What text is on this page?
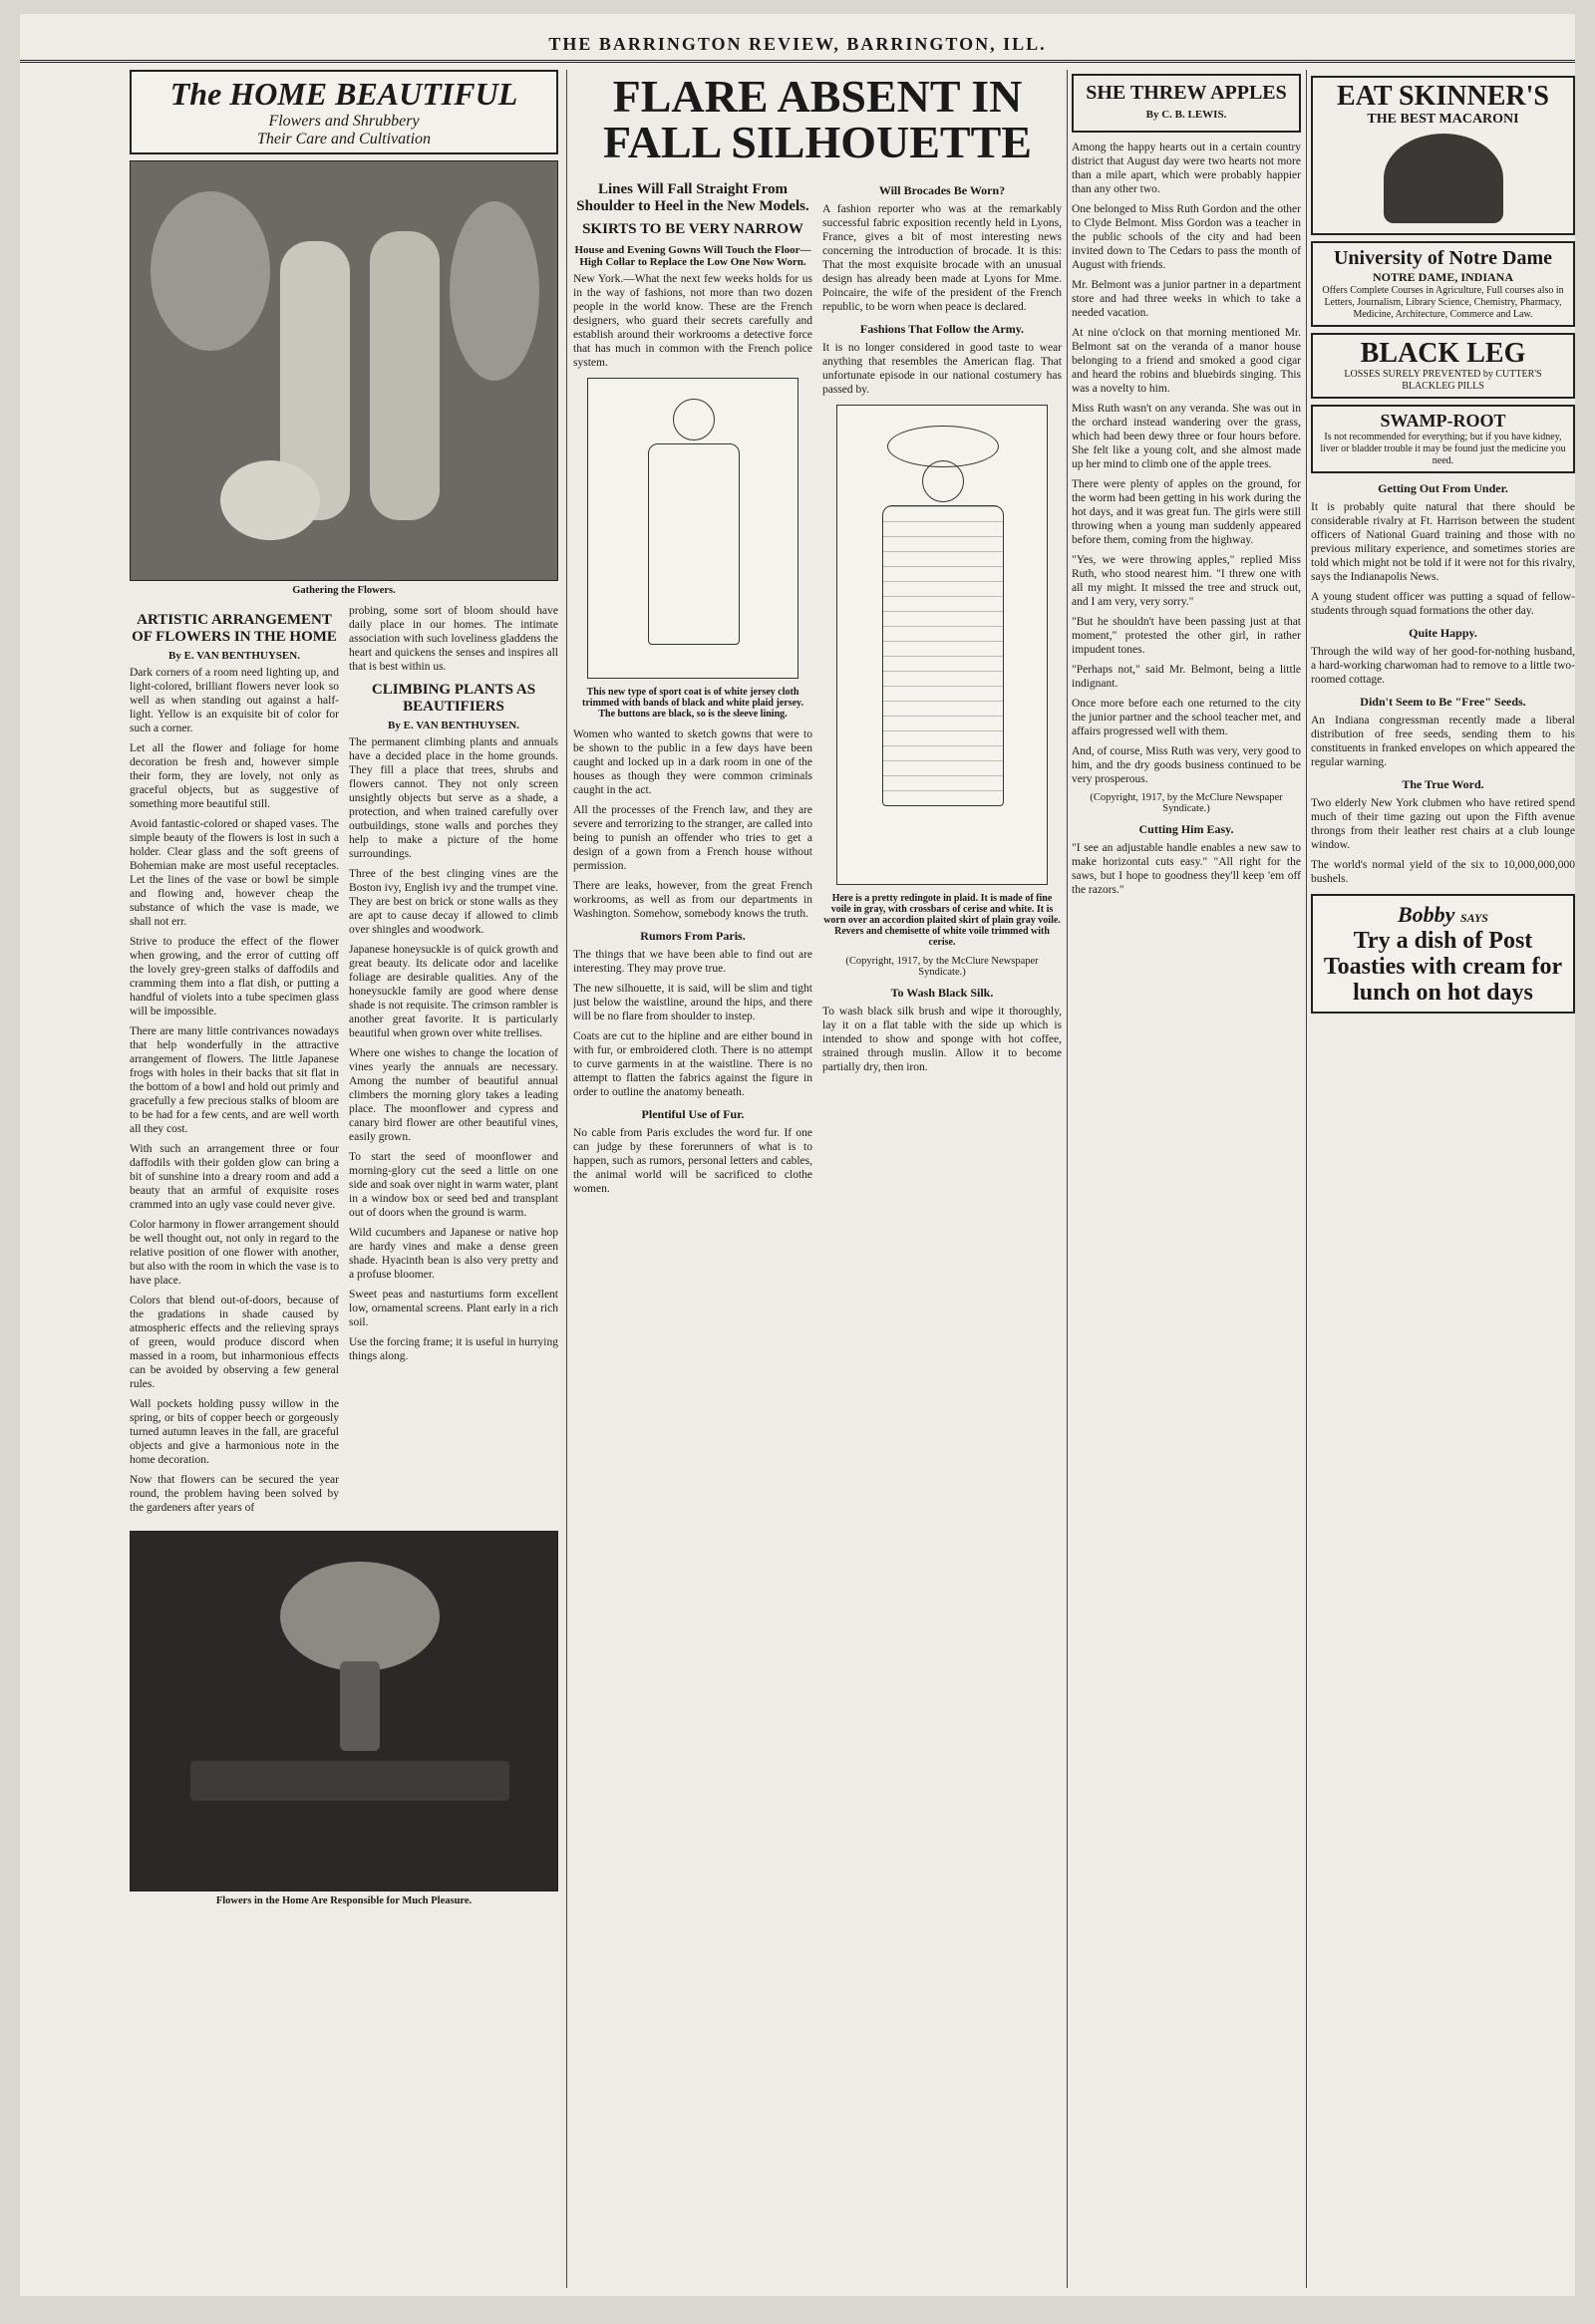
THE BARRINGTON REVIEW, BARRINGTON, ILL.
The HOME BEAUTIFUL
Flowers and Shrubbery
Their Care and Cultivation
Gathering the Flowers.
ARTISTIC ARRANGEMENT OF FLOWERS IN THE HOME
By E. VAN BENTHUYSEN.

Dark corners of a room need lighting up, and light-colored, brilliant flowers never look so well as when standing out against a half-light. Yellow is an exquisite bit of color for such a corner.

Let all the flower and foliage for home decoration be fresh and, however simple their form, they are lovely, not only as graceful objects, but as suggestive of something more beautiful still.

Avoid fantastic-colored or shaped vases. The simple beauty of the flowers is lost in such a holder. Clear glass and the soft greens of Bohemian make are most useful receptacles. Let the lines of the vase or bowl be simple and flowing and, however cheap the substance of which the vase is made, we shall not err.

Strive to produce the effect of the flower when growing, and the error of cutting off the lovely grey-green stalks of daffodils and cramming them into a flat dish, or putting a handful of violets into a tube specimen glass will be impossible.

There are many little contrivances nowadays that help wonderfully in the attractive arrangement of flowers. The little Japanese frogs with holes in their backs that sit flat in the bottom of a bowl and hold out primly and gracefully a few precious stalks of bloom are to be had for a few cents, and are well worth all they cost.

With such an arrangement three or four daffodils with their golden glow can bring a bit of sunshine into a dreary room and add a beauty that an armful of exquisite roses crammed into an ugly vase could never give.

Color harmony in flower arrangement should be well thought out, not only in regard to the relative position of one flower with another, but also with the room in which the vase is to have place.

Colors that blend out-of-doors, because of the gradations in shade caused by atmospheric effects and the relieving sprays of green, would produce discord when massed in a room, but inharmonious effects can be avoided by observing a few general rules.

Wall pockets holding pussy willow in the spring, or bits of copper beech or gorgeously turned autumn leaves in the fall, are graceful objects and give a harmonious note in the home decoration.

Now that flowers can be secured the year round, the problem having been solved by the gardeners after years of

probing, some sort of bloom should have daily place in our homes. The intimate association with such loveliness gladdens the heart and quickens the senses and inspires all that is best within us.

CLIMBING PLANTS AS BEAUTIFIERS
By E. VAN BENTHUYSEN.

The permanent climbing plants and annuals have a decided place in the home grounds. They fill a place that trees, shrubs and flowers cannot. They not only screen unsightly objects but serve as a shade, a protection, and when trained carefully over outbuildings, stone walls and porches they help to make a picture of the home surroundings.

Three of the best clinging vines are the Boston ivy, English ivy and the trumpet vine. They are best on brick or stone walls as they are apt to cause decay if allowed to climb over shingles and woodwork.

Japanese honeysuckle is of quick growth and great beauty. Its delicate odor and lacelike foliage are desirable qualities. Any of the honeysuckle family are good where dense shade is not requisite. The crimson rambler is another great favorite. It is particularly beautiful when grown over white trellises.

Where one wishes to change the location of vines yearly the annuals are necessary. Among the number of beautiful annual climbers the morning glory takes a leading place. The moonflower and cypress and canary bird flower are other beautiful vines, easily grown.

To start the seed of moonflower and morning-glory cut the seed a little on one side and soak over night in warm water, plant in a window box or seed bed and transplant out of doors when the ground is warm.

Wild cucumbers and Japanese or native hop are hardy vines and make a dense green shade. Hyacinth bean is also very pretty and a profuse bloomer.

Sweet peas and nasturtiums form excellent low, ornamental screens. Plant early in a rich soil.

Use the forcing frame; it is useful in hurrying things along.

Flowers in the Home Are Responsible for Much Pleasure.
FLARE ABSENT IN
FALL SILHOUETTE
Lines Will Fall Straight From Shoulder to Heel in the New Models.
SKIRTS TO BE VERY NARROW
House and Evening Gowns Will Touch the Floor—High Collar to Replace the Low One Now Worn.

New York.—What the next few weeks holds for us in the way of fashions, not more than two dozen people in the world know. These are the French designers, who guard their secrets carefully and establish around their workrooms a detective force that has much in common with the French police system.

This new type of sport coat is of white jersey cloth trimmed with bands of black and white plaid jersey. The buttons are black, so is the sleeve lining.

Women who wanted to sketch gowns that were to be shown to the public in a few days have been caught and locked up in a dark room in one of the houses as though they were common criminals caught in the act.

All the processes of the French law, and they are severe and terrorizing to the stranger, are called into being to punish an offender who tries to get a design of a gown from a French house without permission.

There are leaks, however, from the great French workrooms, as well as from our departments in Washington. Somehow, somebody knows the truth.

Rumors From Paris.

The things that we have been able to find out are interesting. They may prove true.

The new silhouette, it is said, will be slim and tight just below the waistline, around the hips, and there will be no flare from shoulder to instep.

Coats are cut to the hipline and are either bound in with fur, or embroidered cloth. There is no attempt to curve garments in at the waistline. There is no attempt to flatten the fabrics against the figure in order to outline the anatomy beneath.

Plentiful Use of Fur.

No cable from Paris excludes the word fur. If one can judge by these forerunners of what is to happen, such as rumors, personal letters and cables, the animal world will be sacrificed to clothe women.

Will Brocades Be Worn?

A fashion reporter who was at the remarkably successful fabric exposition recently held in Lyons, France, gives a bit of most interesting news concerning the introduction of brocade. It is this: That the most exquisite brocade with an unusual design has already been made at Lyons for Mme. Poincaire, the wife of the president of the French republic, to be worn when peace is declared.

Fashions That Follow the Army.

It is no longer considered in good taste to wear anything that resembles the American flag. That unfortunate episode in our national costumery has passed by.

Here is a pretty redingote in plaid. It is made of fine voile in gray, with crossbars of cerise and white. It is worn over an accordion plaited skirt of plain gray voile. Revers and chemisette of white voile trimmed with cerise.
(Copyright, 1917, by the McClure Newspaper Syndicate.)
To Wash Black Silk.

To wash black silk brush and wipe it thoroughly, lay it on a flat table with the side up which is intended to show and sponge with hot coffee, strained through muslin. Allow it to become partially dry, then iron.

SHE THREW APPLES
By C. B. LEWIS.

Among the happy hearts out in a certain country district that August day were two hearts not more than a mile apart, which were probably happier than any other two.

One belonged to Miss Ruth Gordon and the other to Clyde Belmont. Miss Gordon was a teacher in the public schools of the city and had been invited down to The Cedars to pass the month of August with friends.

Mr. Belmont was a junior partner in a department store and had three weeks in which to take a needed vacation.

At nine o'clock on that morning mentioned Mr. Belmont sat on the veranda of a manor house belonging to a friend and smoked a good cigar and heard the robins and bluebirds singing. This was a novelty to him.

Miss Ruth wasn't on any veranda. She was out in the orchard instead wandering over the grass, which had been dewy three or four hours before. She felt like a young colt, and she almost made up her mind to climb one of the apple trees.

There were plenty of apples on the ground, for the worm had been getting in his work during the hot days, and it was great fun. The girls were still throwing when a young man suddenly appeared before them, coming from the highway.

"Yes, we were throwing apples," replied Miss Ruth, who stood nearest him. "I threw one with all my might. It missed the tree and struck out, and I am very, very sorry."

"But he shouldn't have been passing just at that moment," protested the other girl, in rather impudent tones.

"Perhaps not," said Mr. Belmont, being a little indignant.

Once more before each one returned to the city the junior partner and the school teacher met, and affairs progressed well with them.

And, of course, Miss Ruth was very, very good to him, and the dry goods business continued to be very prosperous.

(Copyright, 1917, by the McClure Newspaper Syndicate.)
Cutting Him Easy.

"I see an adjustable handle enables a new saw to make horizontal cuts easy." "All right for the saws, but I hope to goodness they'll keep 'em off the razors."

EAT SKINNER'S
THE BEST MACARONI
University of Notre Dame
NOTRE DAME, INDIANA
Offers Complete Courses in Agriculture, Full courses also in Letters, Journalism, Library Science, Chemistry, Pharmacy, Medicine, Architecture, Commerce and Law.
BLACK LEG
LOSSES SURELY PREVENTED by CUTTER'S BLACKLEG PILLS
SWAMP-ROOT
Is not recommended for everything; but if you have kidney, liver or bladder trouble it may be found just the medicine you need.
Getting Out From Under.

It is probably quite natural that there should be considerable rivalry at Ft. Harrison between the student officers of National Guard training and those with no previous military experience, and sometimes stories are told which might not be told if it were not for this rivalry, says the Indianapolis News.

A young student officer was putting a squad of fellow-students through squad formations the other day.

Quite Happy.

Through the wild way of her good-for-nothing husband, a hard-working charwoman had to remove to a little two-roomed cottage.

Didn't Seem to Be "Free" Seeds.

An Indiana congressman recently made a liberal distribution of free seeds, sending them to his constituents in franked envelopes on which appeared the regular warning.

The True Word.

Two elderly New York clubmen who have retired spend much of their time gazing out upon the Fifth avenue throngs from their leather rest chairs at a club lounge window.

The world's normal yield of the six to 10,000,000,000 bushels.

Bobby SAYS
Try a dish of Post Toasties with cream for lunch on hot days
